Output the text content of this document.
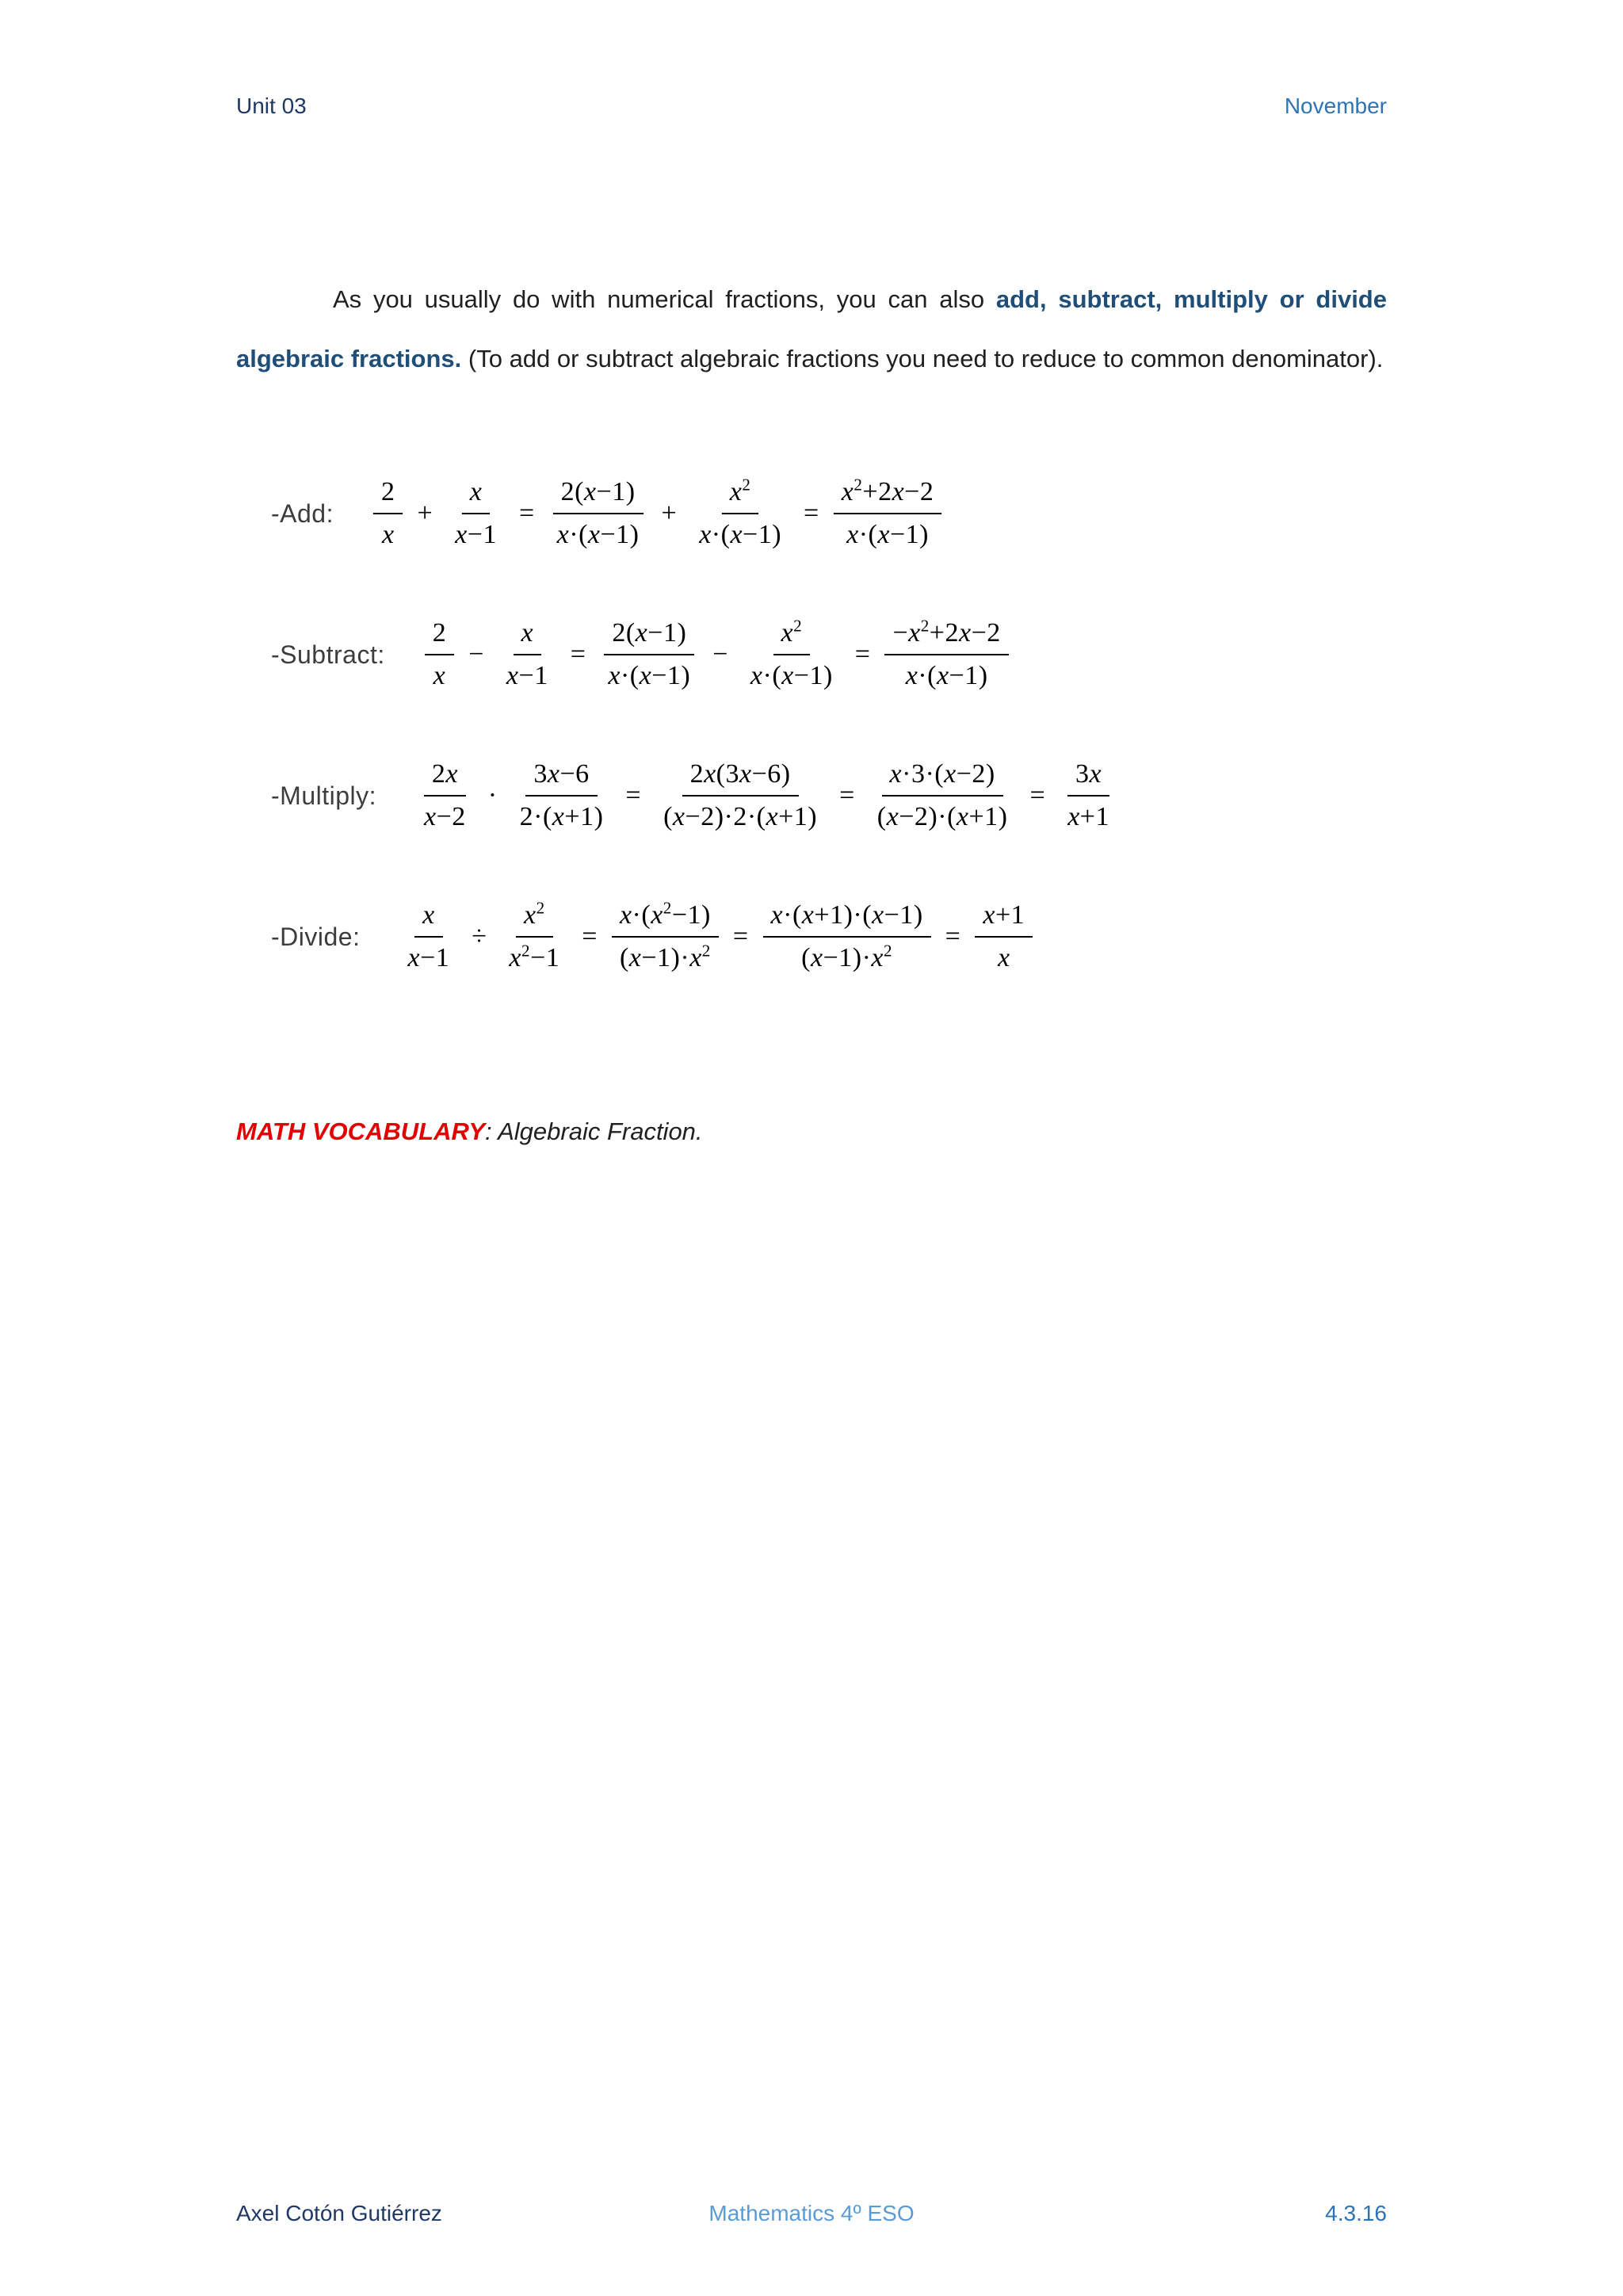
Unit 03	November

As you usually do with numerical fractions, you can also add, subtract, multiply or divide algebraic fractions. (To add or subtract algebraic fractions you need to reduce to common denominator).

-Add: $\frac{2}{x} + \frac{x}{x-1} = \frac{2(x-1)}{x\cdot(x-1)} + \frac{x^2}{x\cdot(x-1)} = \frac{x^2+2x-2}{x\cdot(x-1)}$
-Subtract: $\frac{2}{x} - \frac{x}{x-1} = \frac{2(x-1)}{x\cdot(x-1)} - \frac{x^2}{x\cdot(x-1)} = \frac{-x^2+2x-2}{x\cdot(x-1)}$
-Multiply: $\frac{2x}{x-2} \cdot \frac{3x-6}{2\cdot(x+1)} = \frac{2x(3x-6)}{(x-2)\cdot 2\cdot(x+1)} = \frac{x\cdot 3\cdot(x-2)}{(x-2)\cdot(x+1)} = \frac{3x}{x+1}$
-Divide: $\frac{x}{x-1} \div \frac{x^2}{x^2-1} = \frac{x\cdot(x^2-1)}{(x-1)\cdot x^2} = \frac{x\cdot(x+1)\cdot(x-1)}{(x-1)\cdot x^2} = \frac{x+1}{x}$

MATH VOCABULARY: Algebraic Fraction.

Axel Cotón Gutiérrez	Mathematics 4º ESO	4.3.16
